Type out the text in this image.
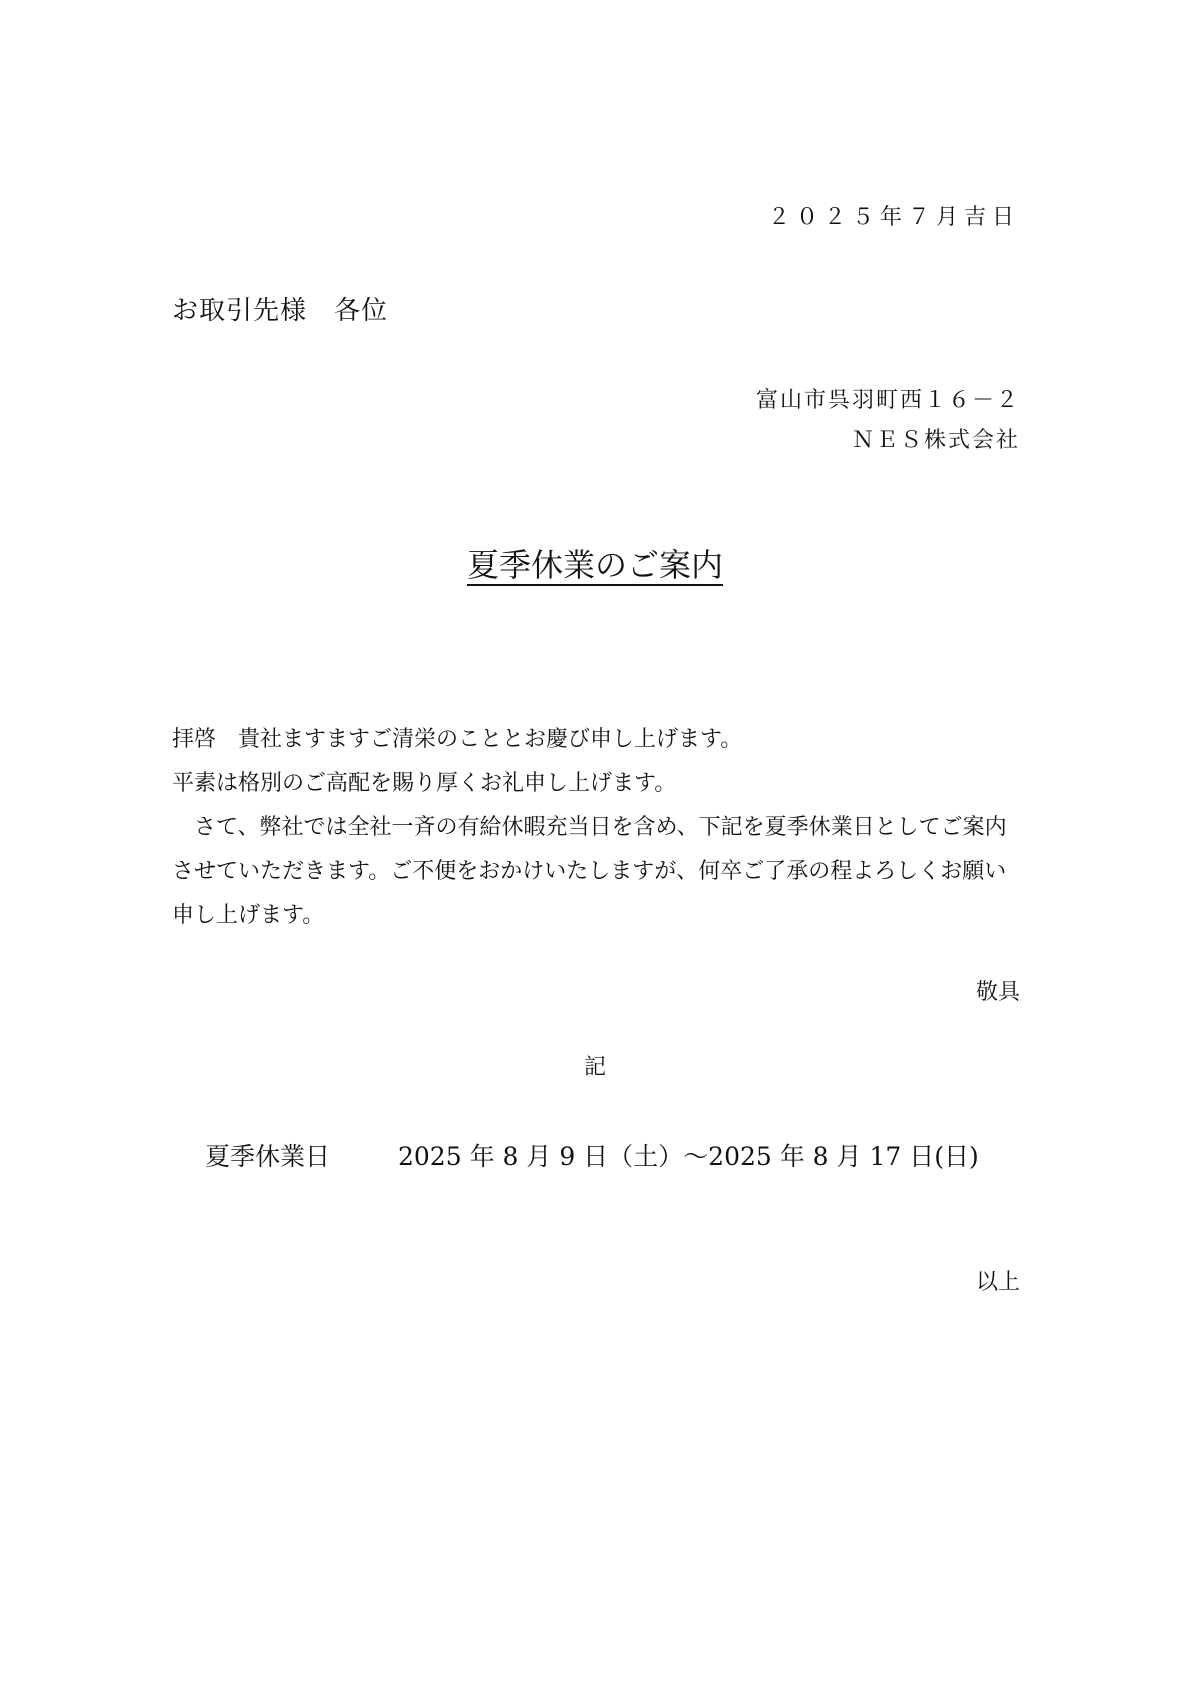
２０２５年７月吉日
お取引先様　各位
富山市呉羽町西１６－２
ＮＥＳ株式会社
夏季休業のご案内

拝啓　貴社ますますご清栄のこととお慶び申し上げます。

平素は格別のご高配を賜り厚くお礼申し上げます。

さて、弊社では全社一斉の有給休暇充当日を含め、下記を夏季休業日としてご案内させていただきます。ご不便をおかけいたしますが、何卒ご了承の程よろしくお願い申し上げます。

敬具
記
夏季休業日	2025 年 8 月 9 日（土）～2025 年 8 月 17 日(日)
以上
